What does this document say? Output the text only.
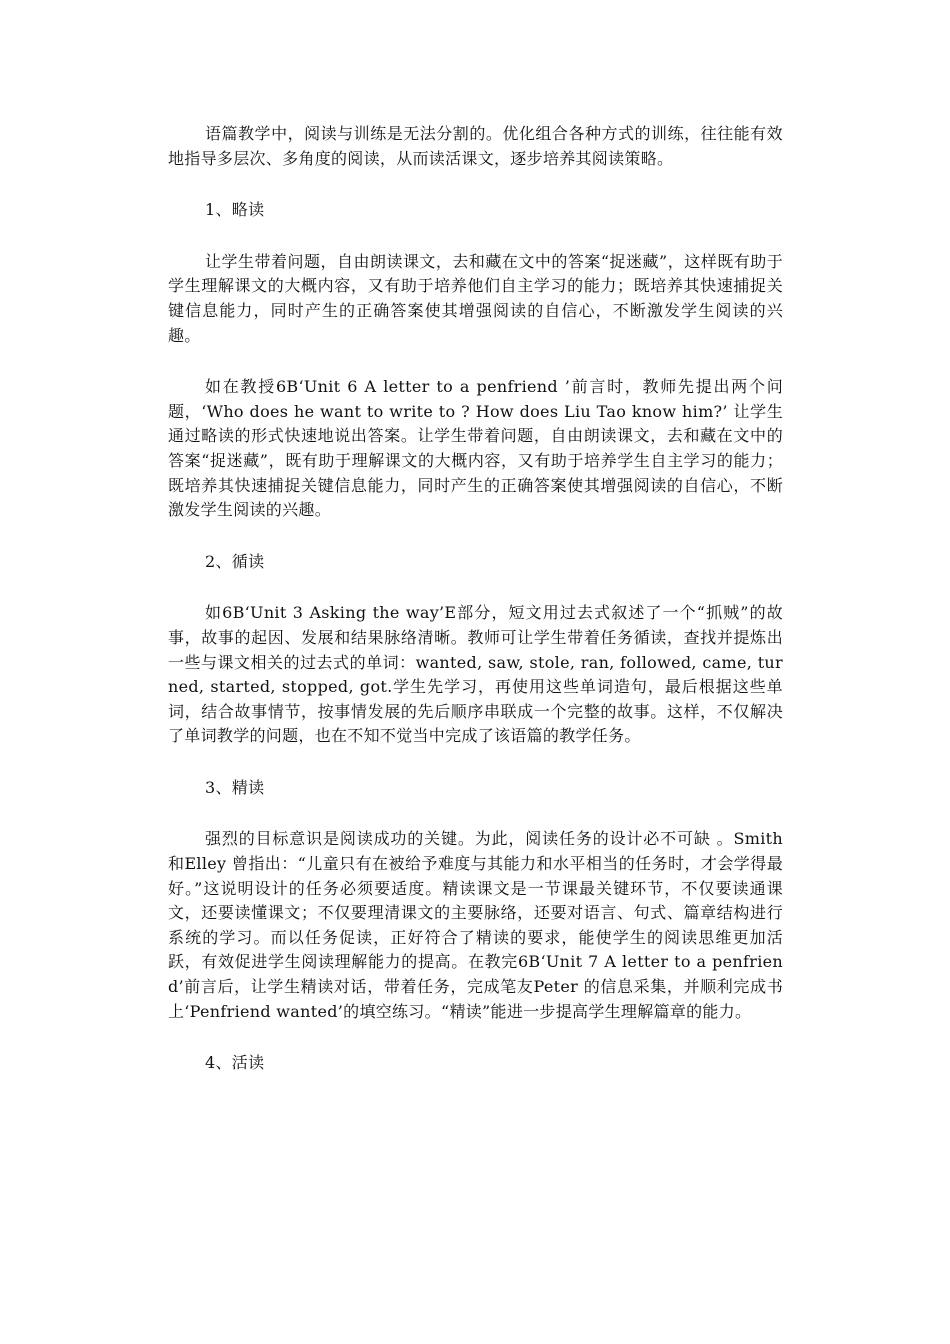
语篇教学中，阅读与训练是无法分割的。优化组合各种方式的训练，往往能有效地指导多层次、多角度的阅读，从而读活课文，逐步培养其阅读策略。

1、略读

让学生带着问题，自由朗读课文，去和藏在文中的答案“捉迷藏”，这样既有助于学生理解课文的大概内容，又有助于培养他们自主学习的能力；既培养其快速捕捉关键信息能力，同时产生的正确答案使其增强阅读的自信心，不断激发学生阅读的兴趣。

如在教授6B‘Unit 6 A letter to a penfriend ’前言时，教师先提出两个问题，‘Who does he want to write to ? How does Liu Tao know him?’ 让学生通过略读的形式快速地说出答案。让学生带着问题，自由朗读课文，去和藏在文中的答案“捉迷藏”，既有助于理解课文的大概内容，又有助于培养学生自主学习的能力；既培养其快速捕捉关键信息能力，同时产生的正确答案使其增强阅读的自信心，不断激发学生阅读的兴趣。

2、循读

如6B‘Unit 3 Asking the way’E部分，短文用过去式叙述了一个“抓贼”的故事，故事的起因、发展和结果脉络清晰。教师可让学生带着任务循读，查找并提炼出一些与课文相关的过去式的单词：wanted, saw, stole, ran, followed, came, turned, started, stopped, got.学生先学习，再使用这些单词造句，最后根据这些单词，结合故事情节，按事情发展的先后顺序串联成一个完整的故事。这样，不仅解决了单词教学的问题，也在不知不觉当中完成了该语篇的教学任务。

3、精读

强烈的目标意识是阅读成功的关键。为此，阅读任务的设计必不可缺 。Smith 和Elley 曾指出：“儿童只有在被给予难度与其能力和水平相当的任务时，才会学得最好。”这说明设计的任务必须要适度。精读课文是一节课最关键环节，不仅要读通课文，还要读懂课文；不仅要理清课文的主要脉络，还要对语言、句式、篇章结构进行系统的学习。而以任务促读，正好符合了精读的要求，能使学生的阅读思维更加活跃，有效促进学生阅读理解能力的提高。在教完6B‘Unit 7 A letter to a penfriend’前言后，让学生精读对话，带着任务，完成笔友Peter 的信息采集，并顺利完成书上‘Penfriend wanted’的填空练习。“精读”能进一步提高学生理解篇章的能力。

4、活读
